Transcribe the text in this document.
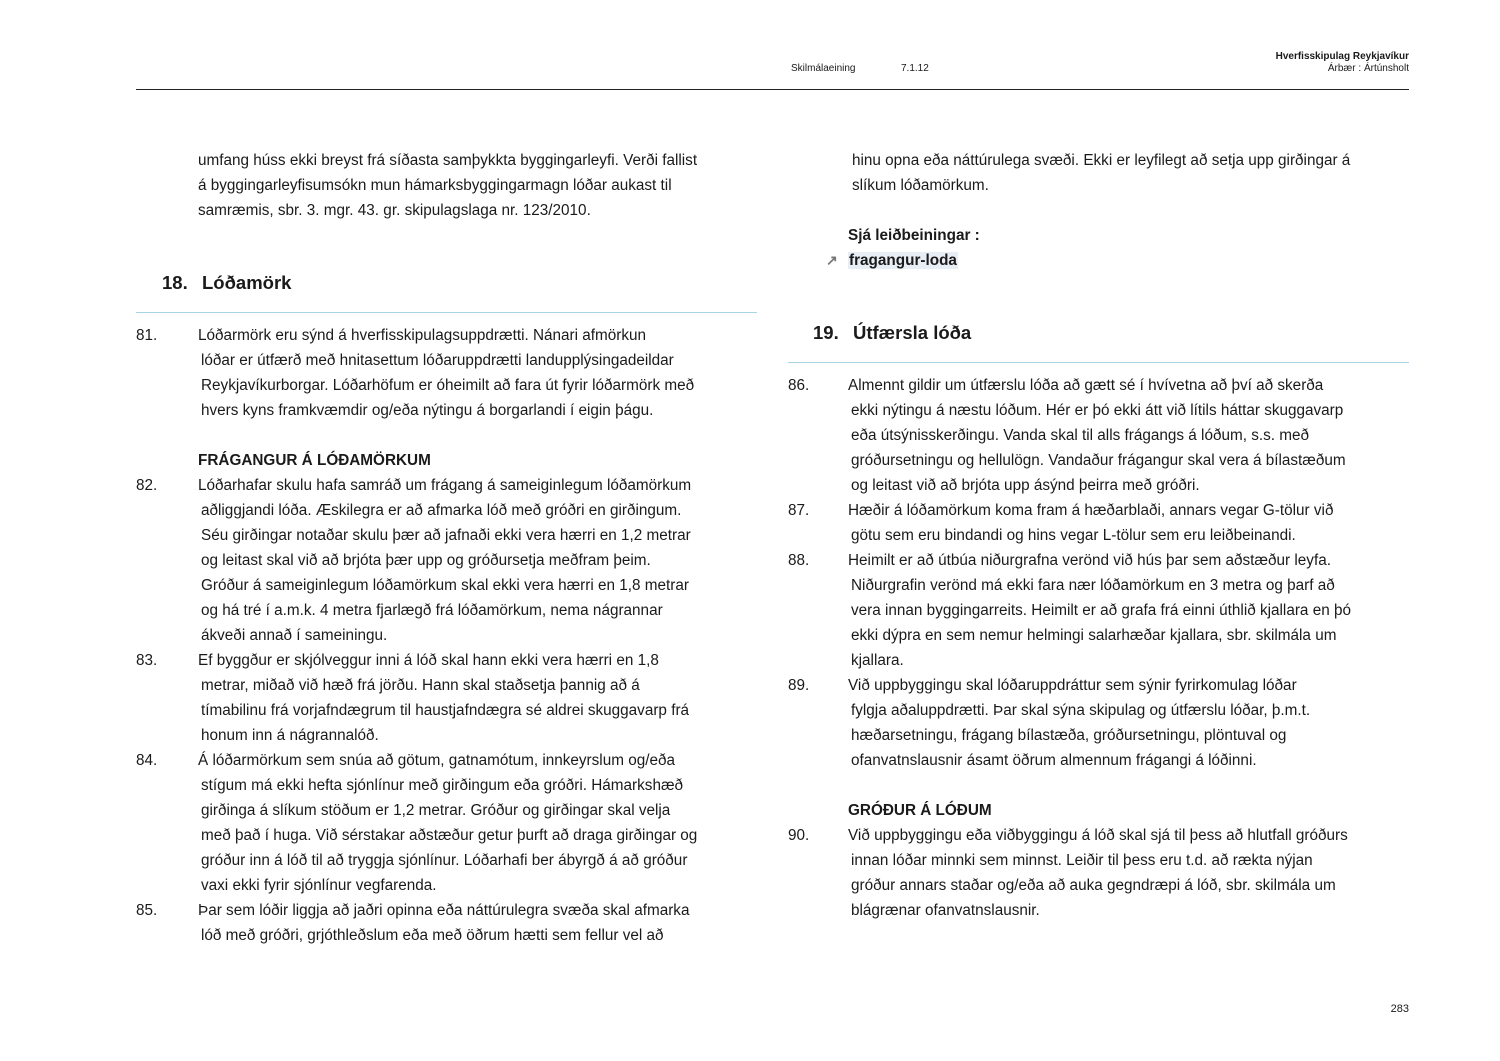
Skilmálaeining	7.1.12
Hverfisskipulag Reykjavíkur
Árbær : Ártúnsholt
umfang húss ekki breyst frá síðasta samþykkta byggingarleyfi. Verði fallist
á byggingarleyfisumsókn mun hámarksbyggingarmagn lóðar aukast til
samræmis, sbr. 3. mgr. 43. gr. skipulagslaga nr. 123/2010.
18. Lóðamörk
81.	Lóðarmörk eru sýnd á hverfisskipulagsuppdrætti. Nánari afmörkun
lóðar er útfærð með hnitasettum lóðaruppdrætti landupplýsingadeildar
Reykjavíkurborgar. Lóðarhöfum er óheimilt að fara út fyrir lóðarmörk með
hvers kyns framkvæmdir og/eða nýtingu á borgarlandi í eigin þágu.
FRÁGANGUR Á LÓÐAMÖRKUM
82.	Lóðarhafar skulu hafa samráð um frágang á sameiginlegum lóðamörkum
aðliggjandi lóða. Æskilegra er að afmarka lóð með gróðri en girðingum.
Séu girðingar notaðar skulu þær að jafnaði ekki vera hærri en 1,2 metrar
og leitast skal við að brjóta þær upp og gróðursetja meðfram þeim.
Gróður á sameiginlegum lóðamörkum skal ekki vera hærri en 1,8 metrar
og há tré í a.m.k. 4 metra fjarlægð frá lóðamörkum, nema nágrannar
ákveði annað í sameiningu.
83.	Ef byggður er skjólveggur inni á lóð skal hann ekki vera hærri en 1,8
metrar, miðað við hæð frá jörðu. Hann skal staðsetja þannig að á
tímabilinu frá vorjafndægrum til haustjafndægra sé aldrei skuggavarp frá
honum inn á nágrannalóð.
84.	Á lóðarmörkum sem snúa að götum, gatnamótum, innkeyrslum og/eða
stígum má ekki hefta sjónlínur með girðingum eða gróðri. Hámarkshæð
girðinga á slíkum stöðum er 1,2 metrar. Gróður og girðingar skal velja
með það í huga. Við sérstakar aðstæður getur þurft að draga girðingar og
gróður inn á lóð til að tryggja sjónlínur. Lóðarhafi ber ábyrgð á að gróður
vaxi ekki fyrir sjónlínur vegfarenda.
85.	Þar sem lóðir liggja að jaðri opinna eða náttúrulegra svæða skal afmarka
lóð með gróðri, grjóthleðslum eða með öðrum hætti sem fellur vel að
hinu opna eða náttúrulega svæði. Ekki er leyfilegt að setja upp girðingar á
slíkum lóðamörkum.
Sjá leiðbeiningar :
↗ fragangur-loda
19. Útfærsla lóða
86.	Almennt gildir um útfærslu lóða að gætt sé í hvívetna að því að skerða
ekki nýtingu á næstu lóðum. Hér er þó ekki átt við lítils háttar skuggavarp
eða útsýnisskerðingu. Vanda skal til alls frágangs á lóðum, s.s. með
gróðursetningu og hellulögn. Vandaður frágangur skal vera á bílastæðum
og leitast við að brjóta upp ásýnd þeirra með gróðri.
87.	Hæðir á lóðamörkum koma fram á hæðarblaði, annars vegar G-tölur við
götu sem eru bindandi og hins vegar L-tölur sem eru leiðbeinandi.
88.	Heimilt er að útbúa niðurgrafna verönd við hús þar sem aðstæður leyfa.
Niðurgrafin verönd má ekki fara nær lóðamörkum en 3 metra og þarf að
vera innan byggingarreits. Heimilt er að grafa frá einni úthlið kjallara en þó
ekki dýpra en sem nemur helmingi salarhæðar kjallara, sbr. skilmála um
kjallara.
89.	Við uppbyggingu skal lóðaruppdráttur sem sýnir fyrirkomulag lóðar
fylgja aðaluppdrætti. Þar skal sýna skipulag og útfærslu lóðar, þ.m.t.
hæðarsetningu, frágang bílastæða, gróðursetningu, plöntuval og
ofanvatnslausnir ásamt öðrum almennum frágangi á lóðinni.
GRÓÐUR Á LÓÐUM
90.	Við uppbyggingu eða viðbyggingu á lóð skal sjá til þess að hlutfall gróðurs
innan lóðar minnki sem minnst. Leiðir til þess eru t.d. að rækta nýjan
gróður annars staðar og/eða að auka gegndræpi á lóð, sbr. skilmála um
blágrænar ofanvatnslausnir.
283
